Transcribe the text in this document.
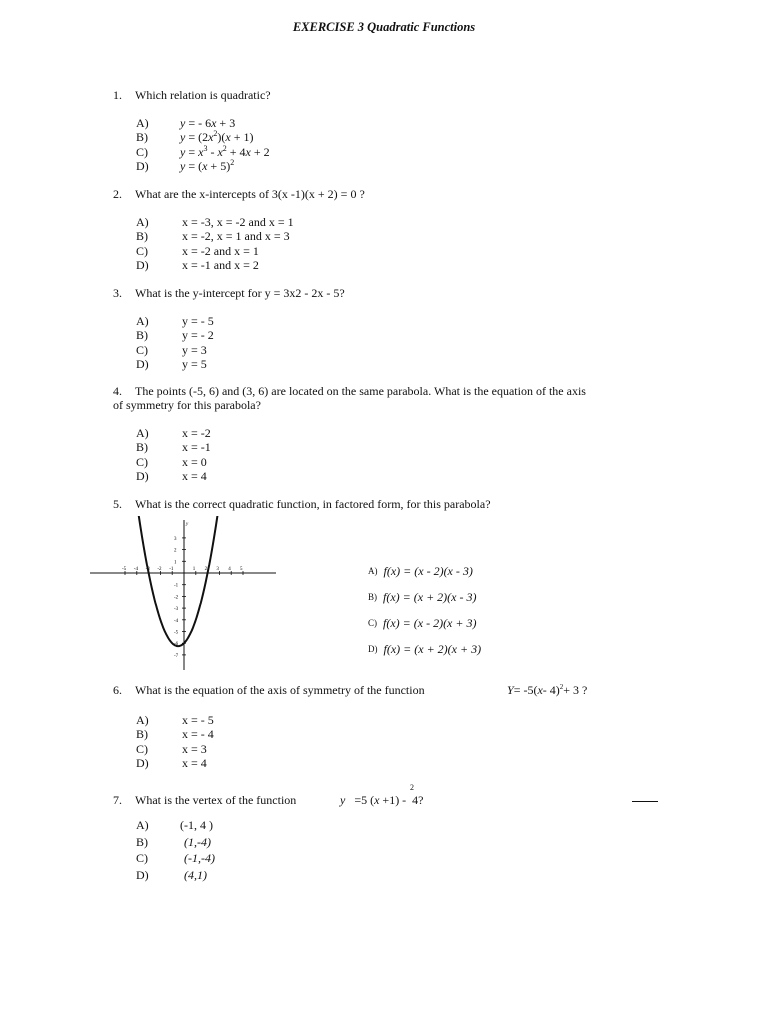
EXERCISE 3 Quadratic Functions
1. Which relation is quadratic?
A)	y = - 6x + 3
B)	$y = (2x^2)(x + 1)$
C)	$y = x^3 - x^2 + 4x + 2$
D)	$y = (x + 5)^2$
2. What are the x-intercepts of 3(x -1)(x + 2) = 0 ?
A)	x = -3, x = -2 and x = 1
B)	x = -2, x = 1 and x = 3
C)	x = -2 and x = 1
D)	x = -1 and x = 2
3. What is the y-intercept for y = 3x2 - 2x - 5?
A)	y = - 5
B)	y = - 2
C)	y = 3
D)	y = 5
4. The points (-5, 6) and (3, 6) are located on the same parabola. What is the equation of the axis of symmetry for this parabola?
A)	x = -2
B)	x = -1
C)	x = 0
D)	x = 4
5. What is the correct quadratic function, in factored form, for this parabola?
y
-5 -4 -3 -2 -1	1 2 3 4 5
3
2
1
-1
-2
-3
-4
-5
-6
-7
A) f(x) = (x - 2)(x - 3)
B) f(x) = (x + 2)(x - 3)
C) f(x) = (x - 2)(x + 3)
D) f(x) = (x + 2)(x + 3)
6. What is the equation of the axis of symmetry of the function	Y= -5(x- 4)$^2$+ 3 ?
A)	x = - 5
B)	x = - 4
C)	x = 3
D)	x = 4
7. What is the vertex of the function	y   =5 (x +1) -  4?
2
A)	(-1, 4 )
B)	(1,-4)
C)	(-1,-4)
D)	(4,1)
